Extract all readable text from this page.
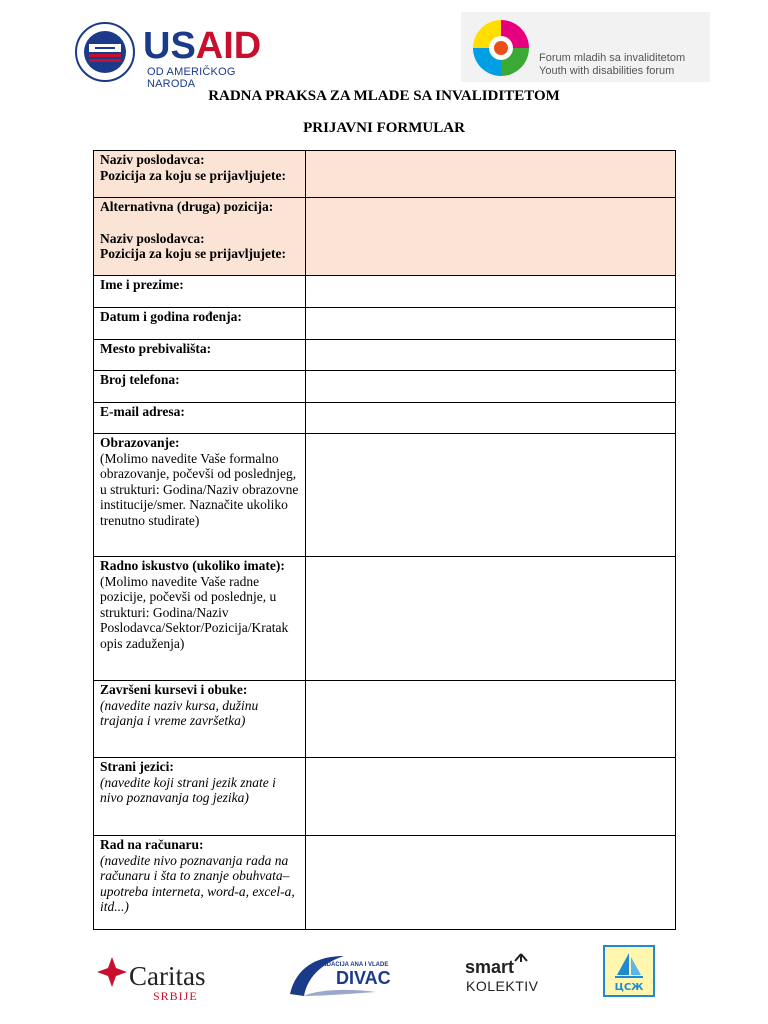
USAID
OD AMERIČKOG NARODA
Forum mladih sa invaliditetom
Youth with disabilities forum
RADNA PRAKSA ZA MLADE SA INVALIDITETOM
PRIJAVNI FORMULAR
Naziv poslodavca:
Pozicija za koju se prijavljujete:	

Alternativna (druga) pozicija:
Naziv poslodavca:
Pozicija za koju se prijavljujete:	

Ime i prezime:	
Datum i godina rođenja:	
Mesto prebivališta:	
Broj telefona:	
E-mail adresa:	

Obrazovanje:
(Molimo navedite Vaše formalno obrazovanje, počevši od poslednjeg, u strukturi: Godina/Naziv obrazovne institucije/smer. Naznačite ukoliko trenutno studirate)	

Radno iskustvo (ukoliko imate):
(Molimo navedite Vaše radne pozicije, počevši od poslednje, u strukturi: Godina/Naziv Poslodavca/Sektor/Pozicija/Kratak opis zaduženja)	

Završeni kursevi i obuke:
(navedite naziv kursa, dužinu trajanja i vreme završetka)	

Strani jezici:
(navedite koji strani jezik znate i nivo poznavanja tog jezika)	

Rad na računaru:
(navedite nivo poznavanja rada na računaru i šta to znanje obuhvata– upotreba interneta, word-a, excel-a, itd...)	

Caritas
SRBIJE
FONDACIJA ANA I VLADE
DIVAC
smart
KOLEKTIV	ЦСЖ
